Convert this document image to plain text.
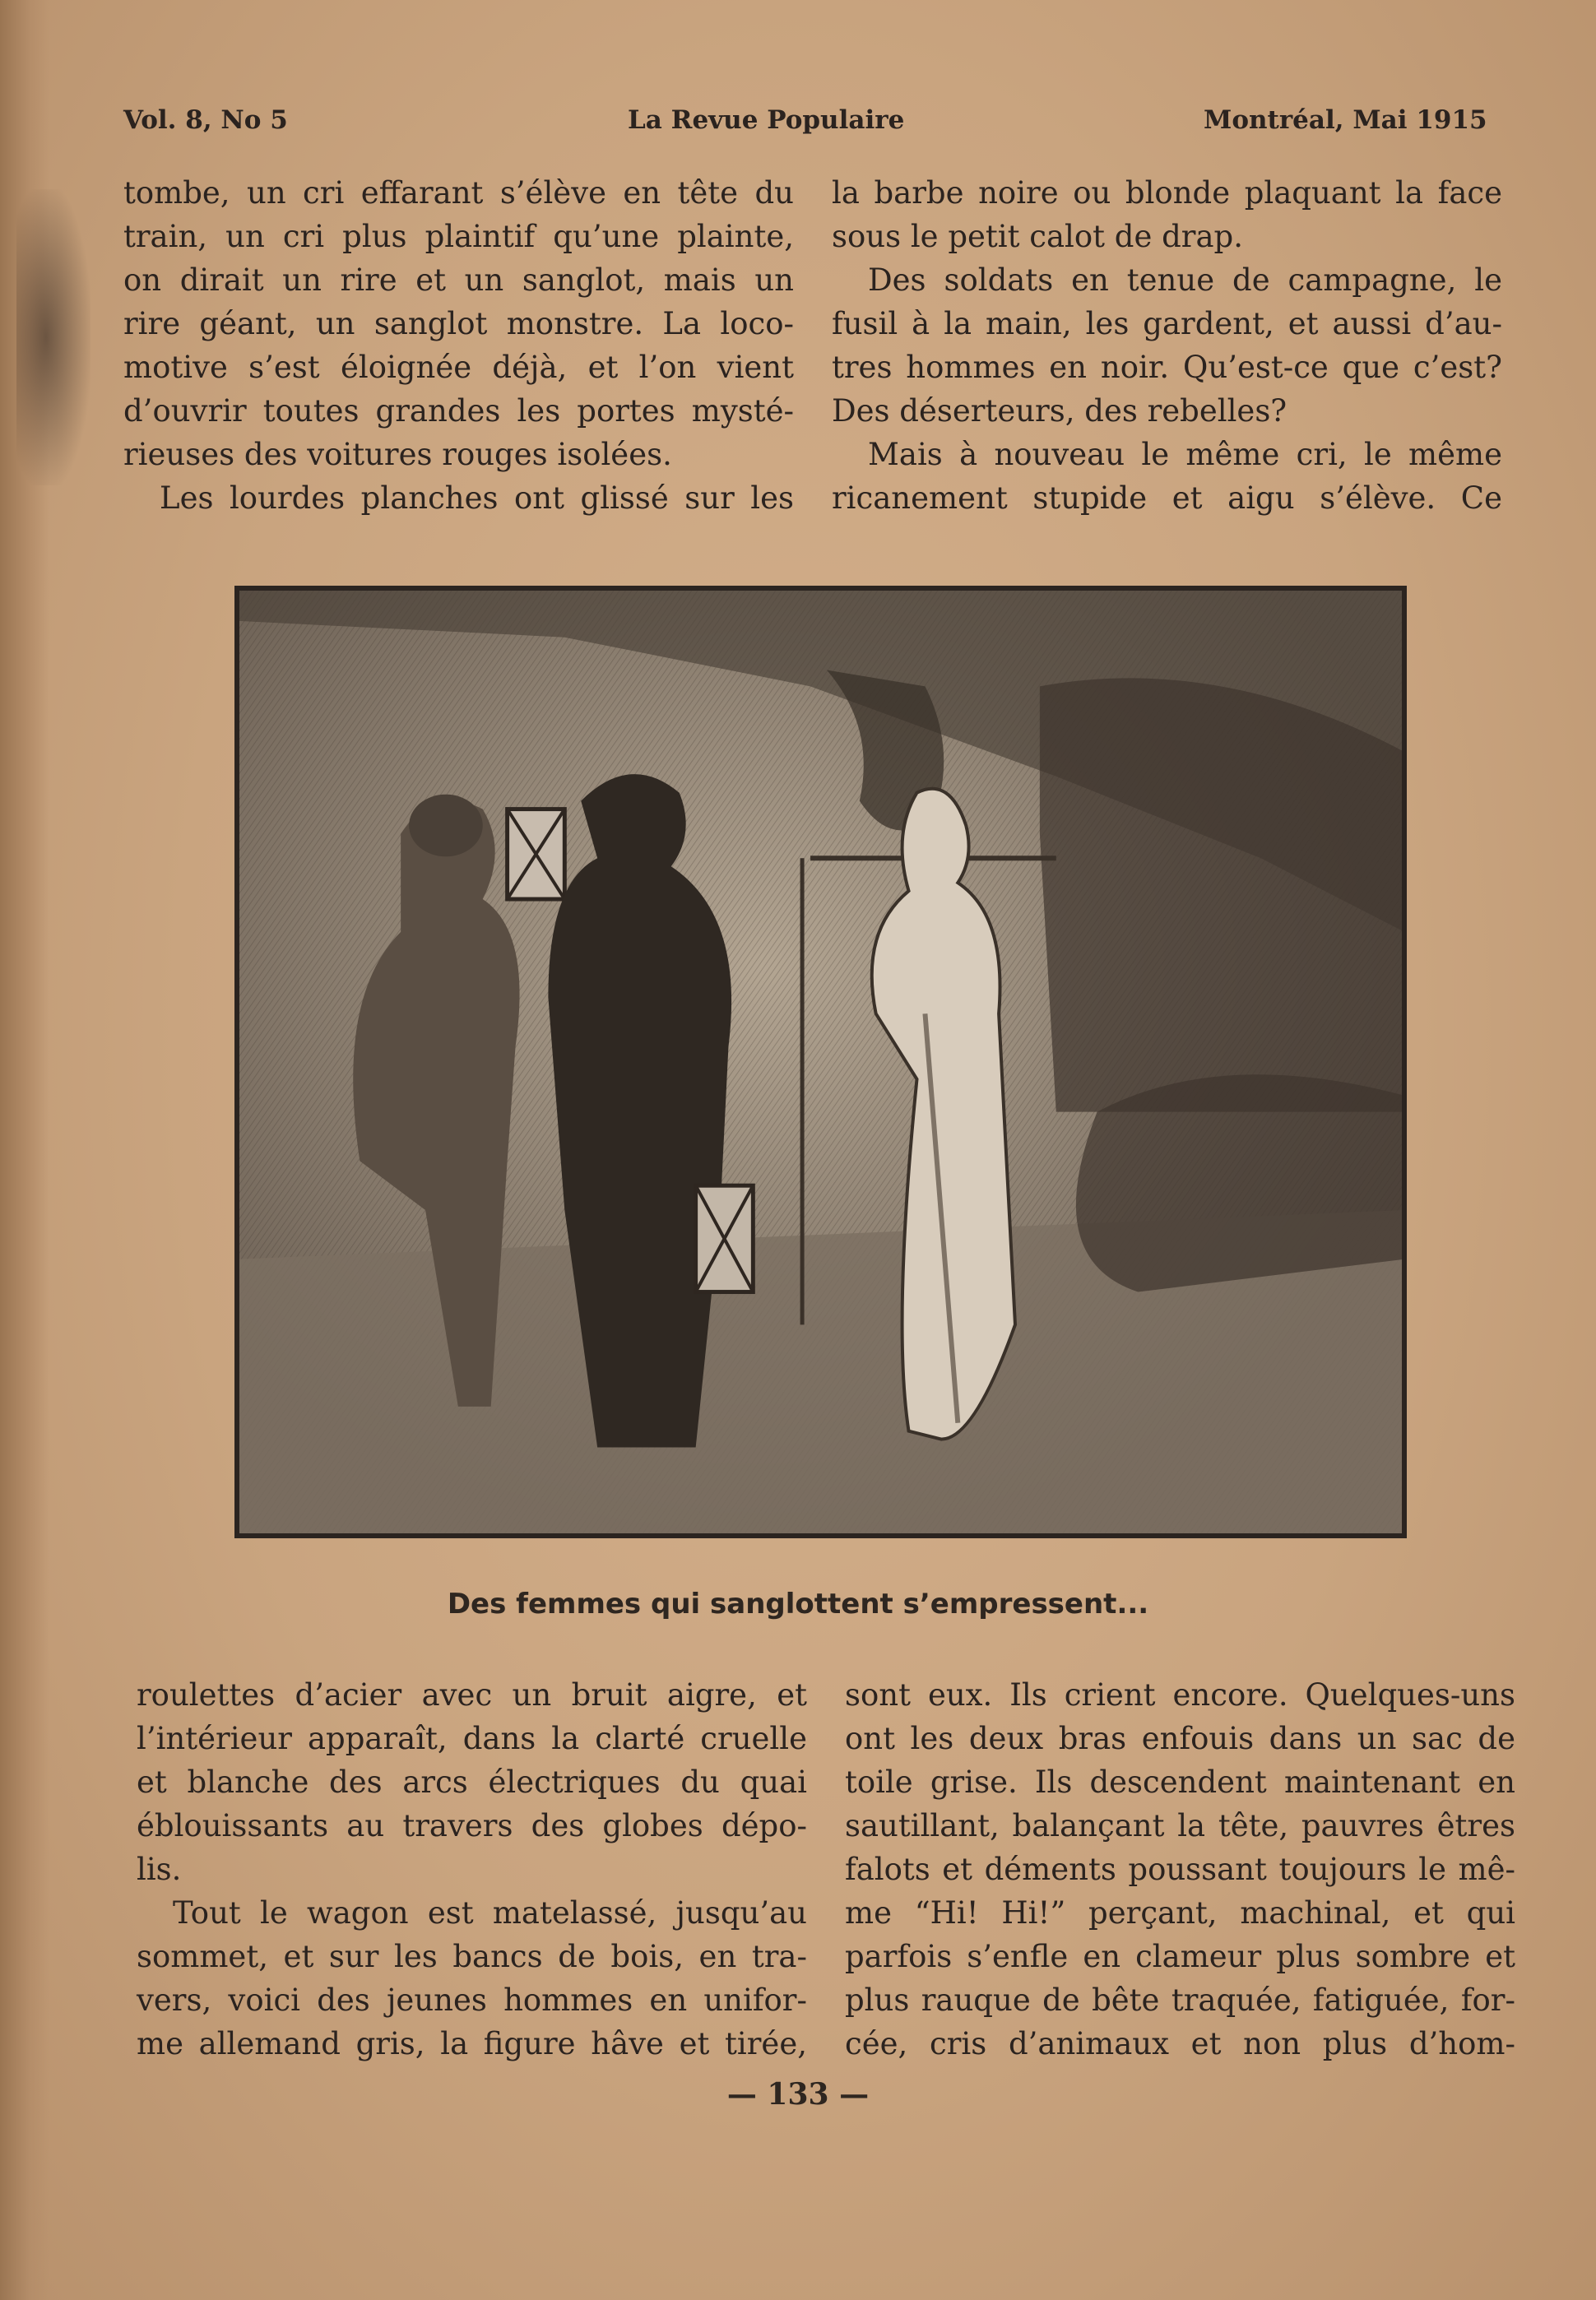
Vol. 8, No 5	La Revue Populaire	Montréal, Mai 1915

tombe, un cri effarant s’élève en tête du

train, un cri plus plaintif qu’une plainte,

on dirait un rire et un sanglot, mais un

rire géant, un sanglot monstre. La loco-

motive s’est éloignée déjà, et l’on vient

d’ouvrir toutes grandes les portes mysté-

rieuses des voitures rouges isolées.

Les lourdes planches ont glissé sur les

la barbe noire ou blonde plaquant la face

sous le petit calot de drap.

Des soldats en tenue de campagne, le

fusil à la main, les gardent, et aussi d’au-

tres hommes en noir. Qu’est-ce que c’est?

Des déserteurs, des rebelles?

Mais à nouveau le même cri, le même

ricanement stupide et aigu s’élève. Ce

Des femmes qui sanglottent s’empressent...

roulettes d’acier avec un bruit aigre, et

l’intérieur apparaît, dans la clarté cruelle

et blanche des arcs électriques du quai

éblouissants au travers des globes dépo-

lis.

Tout le wagon est matelassé, jusqu’au

sommet, et sur les bancs de bois, en tra-

vers, voici des jeunes hommes en unifor-

me allemand gris, la figure hâve et tirée,

sont eux. Ils crient encore. Quelques-uns

ont les deux bras enfouis dans un sac de

toile grise. Ils descendent maintenant en

sautillant, balançant la tête, pauvres êtres

falots et déments poussant toujours le mê-

me “Hi! Hi!” perçant, machinal, et qui

parfois s’enfle en clameur plus sombre et

plus rauque de bête traquée, fatiguée, for-

cée, cris d’animaux et non plus d’hom-

— 133 —
